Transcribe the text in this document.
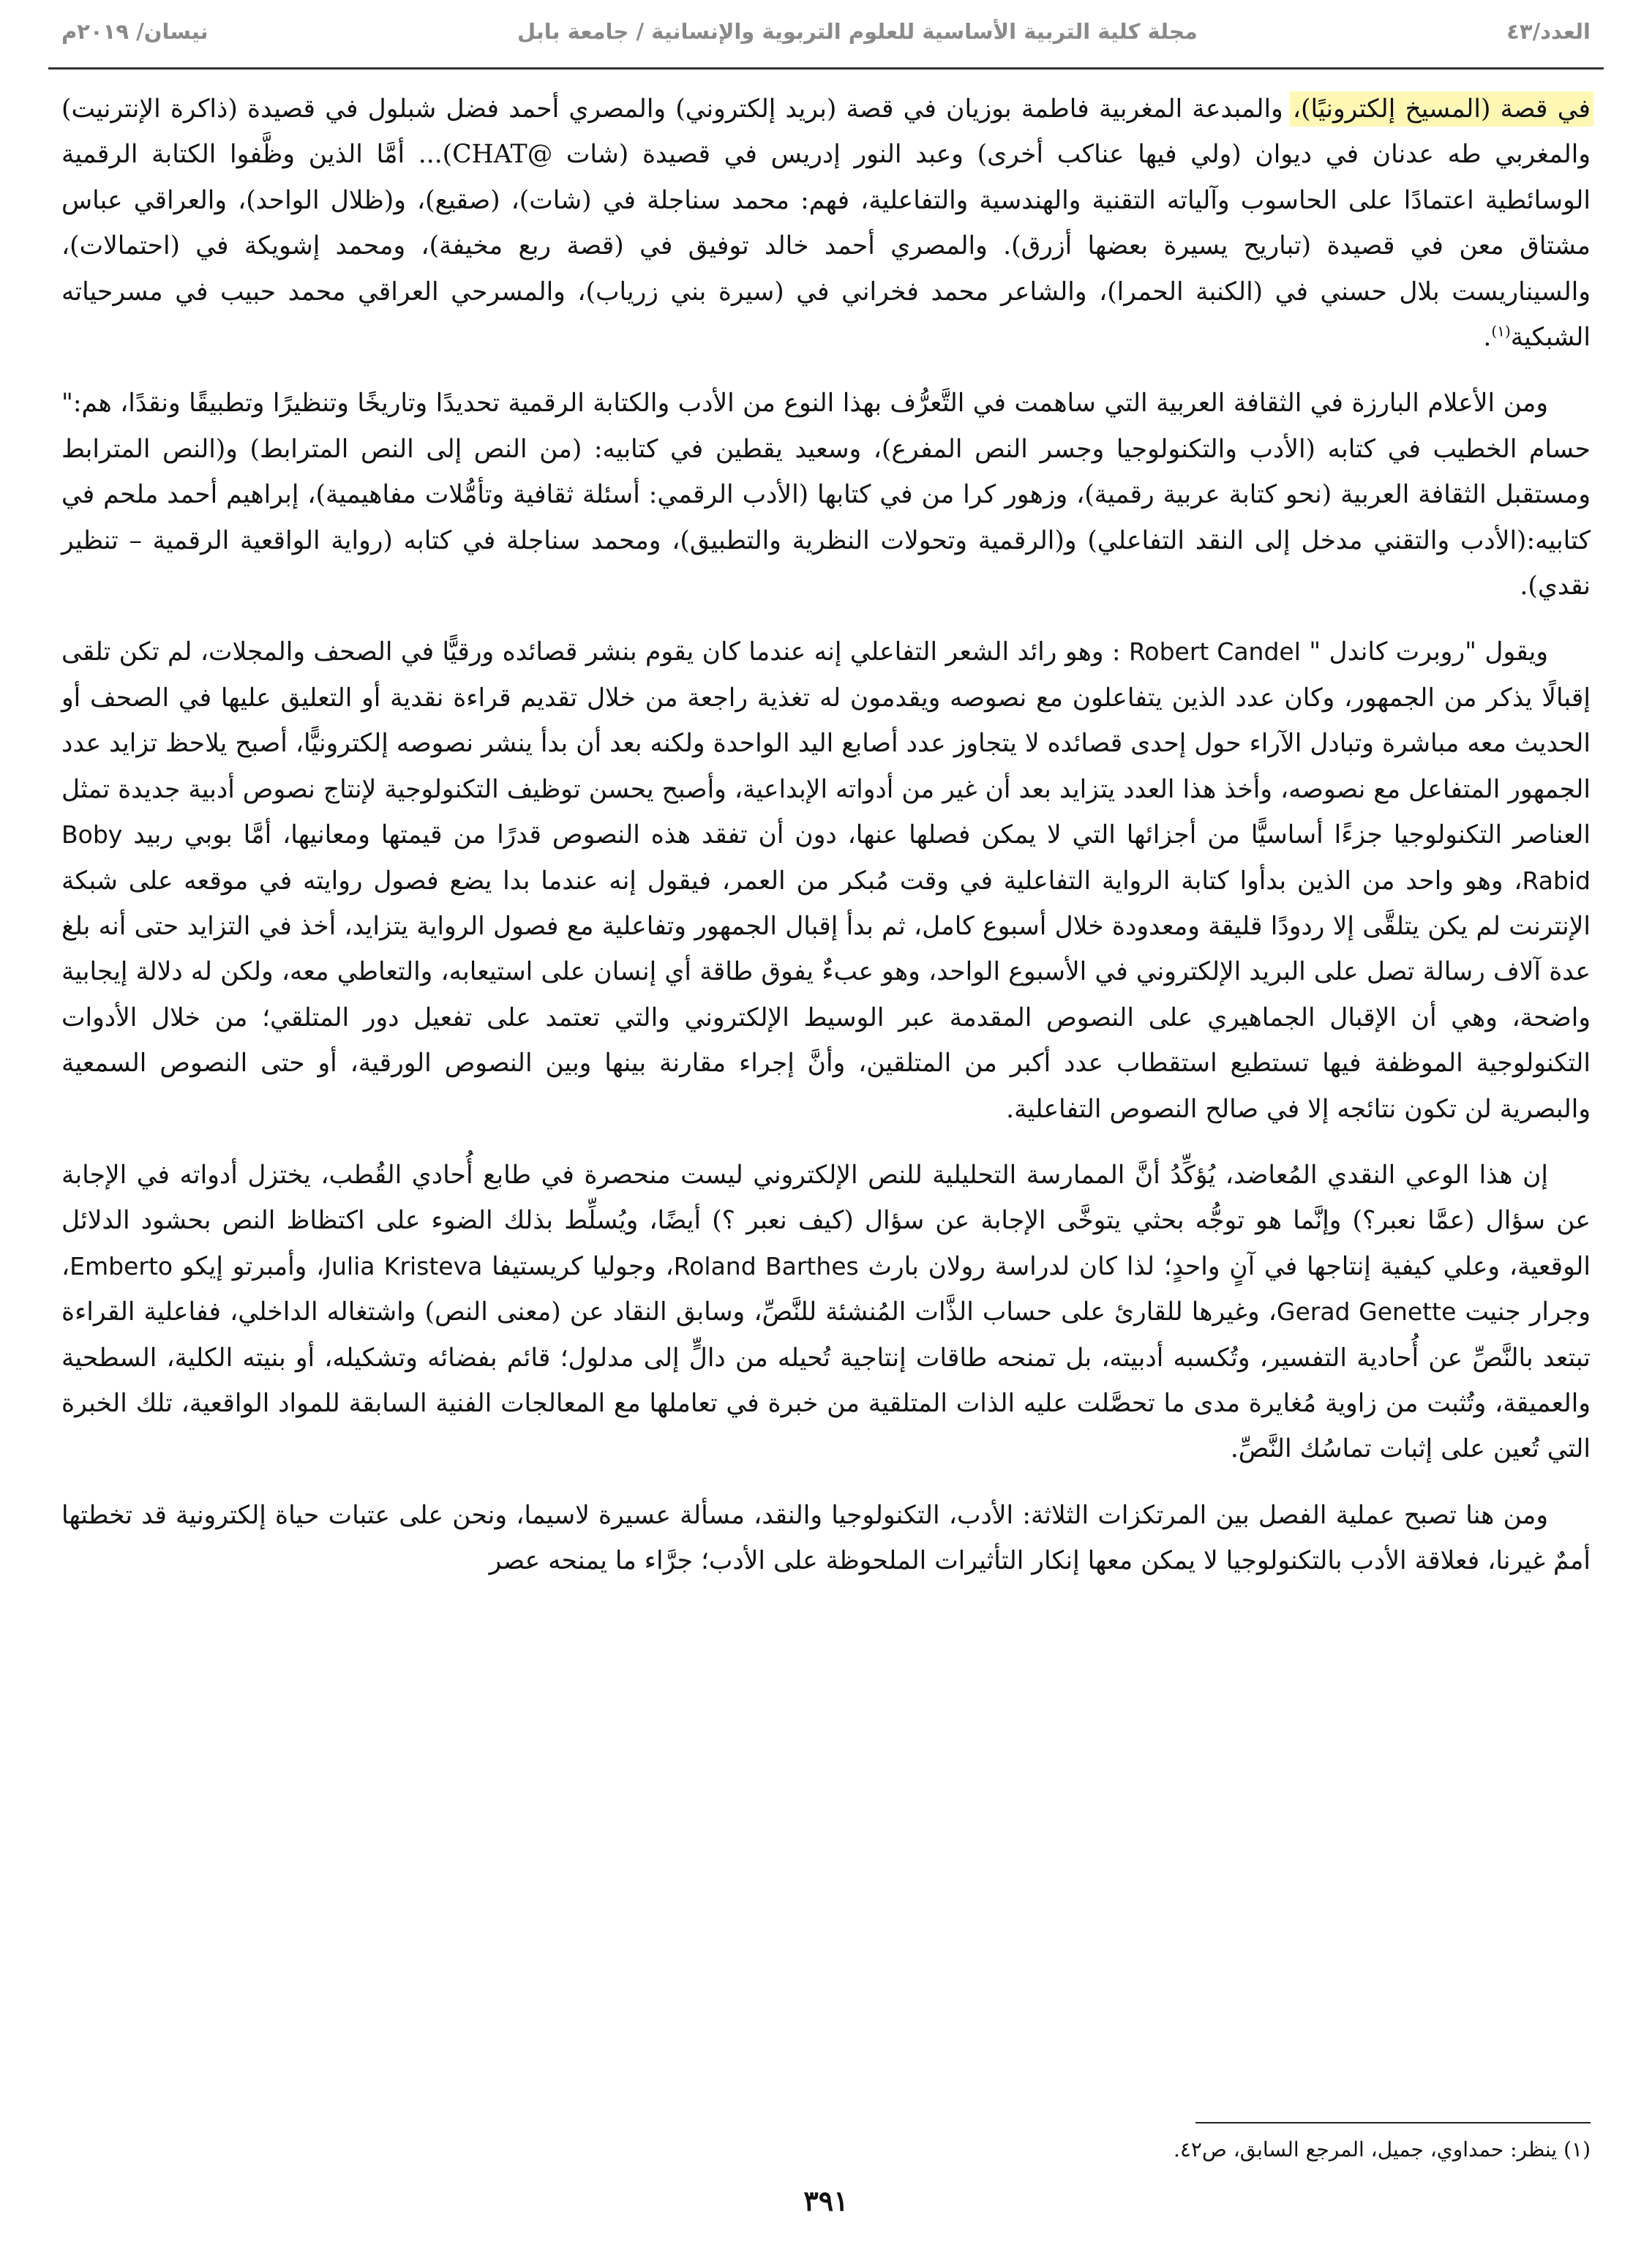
العدد/٤٣
مجلة كلية التربية الأساسية للعلوم التربوية والإنسانية / جامعة بابل
نيسان/ ٢٠١٩م

في قصة (المسيخ إلكترونيًا)، والمبدعة المغربية فاطمة بوزيان في قصة (بريد إلكتروني) والمصري أحمد فضل شبلول في قصيدة (ذاكرة الإنترنيت) والمغربي طه عدنان في ديوان (ولي فيها عناكب أخرى) وعبد النور إدريس في قصيدة (شات @CHAT)... أمَّا الذين وظَّفوا الكتابة الرقمية الوسائطية اعتمادًا على الحاسوب وآلياته التقنية والهندسية والتفاعلية، فهم: محمد سناجلة في (شات)، (صقيع)، و(ظلال الواحد)، والعراقي عباس مشتاق معن في قصيدة (تباريح يسيرة بعضها أزرق). والمصري أحمد خالد توفيق في (قصة ربع مخيفة)، ومحمد إشويكة في (احتمالات)، والسيناريست بلال حسني في (الكنبة الحمرا)، والشاعر محمد فخراني في (سيرة بني زرياب)، والمسرحي العراقي محمد حبيب في مسرحياته الشبكية$^{(١)}$.

ومن الأعلام البارزة في الثقافة العربية التي ساهمت في التَّعرُّف بهذا النوع من الأدب والكتابة الرقمية تحديدًا وتاريخًا وتنظيرًا وتطبيقًا ونقدًا، هم:" حسام الخطيب في كتابه (الأدب والتكنولوجيا وجسر النص المفرع)، وسعيد يقطين في كتابيه: (من النص إلى النص المترابط) و(النص المترابط ومستقبل الثقافة العربية (نحو كتابة عربية رقمية)، وزهور كرا من في كتابها (الأدب الرقمي: أسئلة ثقافية وتأمُّلات مفاهيمية)، إبراهيم أحمد ملحم في كتابيه:(الأدب والتقني مدخل إلى النقد التفاعلي) و(الرقمية وتحولات النظرية والتطبيق)، ومحمد سناجلة في كتابه (رواية الواقعية الرقمية – تنظير نقدي).

ويقول "روبرت كاندل " Robert Candel : وهو رائد الشعر التفاعلي إنه عندما كان يقوم بنشر قصائده ورقيًّا في الصحف والمجلات، لم تكن تلقى إقبالًا يذكر من الجمهور، وكان عدد الذين يتفاعلون مع نصوصه ويقدمون له تغذية راجعة من خلال تقديم قراءة نقدية أو التعليق عليها في الصحف أو الحديث معه مباشرة وتبادل الآراء حول إحدى قصائده لا يتجاوز عدد أصابع اليد الواحدة ولكنه بعد أن بدأ ينشر نصوصه إلكترونيًّا، أصبح يلاحظ تزايد عدد الجمهور المتفاعل مع نصوصه، وأخذ هذا العدد يتزايد بعد أن غير من أدواته الإبداعية، وأصبح يحسن توظيف التكنولوجية لإنتاج نصوص أدبية جديدة تمثل العناصر التكنولوجيا جزءًا أساسيًّا من أجزائها التي لا يمكن فصلها عنها، دون أن تفقد هذه النصوص قدرًا من قيمتها ومعانيها، أمَّا بوبي ربيد Boby Rabid، وهو واحد من الذين بدأوا كتابة الرواية التفاعلية في وقت مُبكر من العمر، فيقول إنه عندما بدا يضع فصول روايته في موقعه على شبكة الإنترنت لم يكن يتلقَّى إلا ردودًا قليقة ومعدودة خلال أسبوع كامل، ثم بدأ إقبال الجمهور وتفاعلية مع فصول الرواية يتزايد، أخذ في التزايد حتى أنه بلغ عدة آلاف رسالة تصل على البريد الإلكتروني في الأسبوع الواحد، وهو عبءٌ يفوق طاقة أي إنسان على استيعابه، والتعاطي معه، ولكن له دلالة إيجابية واضحة، وهي أن الإقبال الجماهيري على النصوص المقدمة عبر الوسيط الإلكتروني والتي تعتمد على تفعيل دور المتلقي؛ من خلال الأدوات التكنولوجية الموظفة فيها تستطيع استقطاب عدد أكبر من المتلقين، وأنَّ إجراء مقارنة بينها وبين النصوص الورقية، أو حتى النصوص السمعية والبصرية لن تكون نتائجه إلا في صالح النصوص التفاعلية.

إن هذا الوعي النقدي المُعاضد، يُؤكِّدُ أنَّ الممارسة التحليلية للنص الإلكتروني ليست منحصرة في طابع أُحادي القُطب، يختزل أدواته في الإجابة عن سؤال (عمَّا نعبر؟) وإنَّما هو توجُّه بحثي يتوخَّى الإجابة عن سؤال (كيف نعبر ؟) أيضًا، ويُسلِّط بذلك الضوء على اكتظاظ النص بحشود الدلائل الوقعية، وعلي كيفية إنتاجها في آنٍ واحدٍ؛ لذا كان لدراسة رولان بارث Roland Barthes، وجوليا كريستيفا Julia Kristeva، وأمبرتو إيكو Emberto، وجرار جنيت Gerad Genette، وغيرها للقارئ على حساب الذَّات المُنشئة للنَّصِّ، وسابق النقاد عن (معنى النص) واشتغاله الداخلي، ففاعلية القراءة تبتعد بالنَّصِّ عن أُحادية التفسير، وتُكسبه أدبيته، بل تمنحه طاقات إنتاجية تُحيله من دالٍّ إلى مدلول؛ قائم بفضائه وتشكيله، أو بنيته الكلية، السطحية والعميقة، وتُثبت من زاوية مُغايرة مدى ما تحصَّلت عليه الذات المتلقية من خبرة في تعاملها مع المعالجات الفنية السابقة للمواد الواقعية، تلك الخبرة التي تُعين على إثبات تماسُك النَّصِّ.

ومن هنا تصبح عملية الفصل بين المرتكزات الثلاثة: الأدب، التكنولوجيا والنقد، مسألة عسيرة لاسيما، ونحن على عتبات حياة إلكترونية قد تخطتها أممٌ غيرنا، فعلاقة الأدب بالتكنولوجيا لا يمكن معها إنكار التأثيرات الملحوظة على الأدب؛ جرَّاء ما يمنحه عصر

(١) ينظر: حمداوي، جميل، المرجع السابق، ص٤٢.
٣٩١
